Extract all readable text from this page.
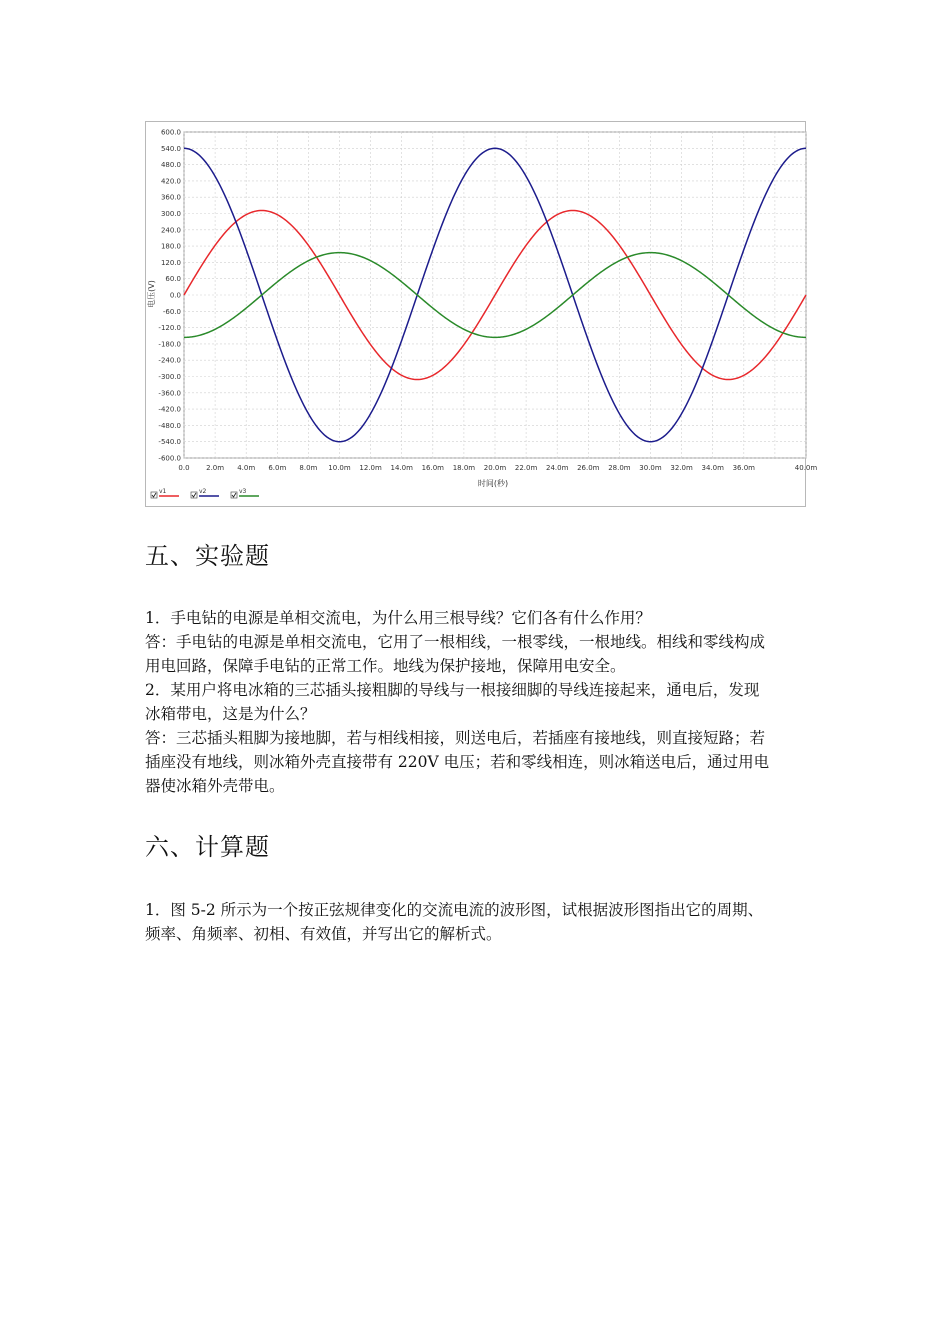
600.0
540.0
480.0
420.0
360.0
300.0
240.0
180.0
120.0
60.0
0.0
-60.0
-120.0
-180.0
-240.0
-300.0
-360.0
-420.0
-480.0
-540.0
-600.0
0.0 2.0m 4.0m 6.0m 8.0m 10.0m 12.0m 14.0m 16.0m 18.0m 20.0m 22.0m 24.0m 26.0m 28.0m 30.0m 32.0m 34.0m 36.0m	40.0m
电压(V)
时间(秒)
v1	v2	v3
五、实验题
1．手电钻的电源是单相交流电，为什么用三根导线？它们各有什么作用？
答：手电钻的电源是单相交流电，它用了一根相线，一根零线，一根地线。相线和零线构成
用电回路，保障手电钻的正常工作。地线为保护接地，保障用电安全。
2．某用户将电冰箱的三芯插头接粗脚的导线与一根接细脚的导线连接起来，通电后，发现
冰箱带电，这是为什么？
答：三芯插头粗脚为接地脚，若与相线相接，则送电后，若插座有接地线，则直接短路；若
插座没有地线，则冰箱外壳直接带有 220V 电压；若和零线相连，则冰箱送电后，通过用电
器使冰箱外壳带电。
六、计算题
1．图 5-2 所示为一个按正弦规律变化的交流电流的波形图，试根据波形图指出它的周期、
频率、角频率、初相、有效值，并写出它的解析式。
